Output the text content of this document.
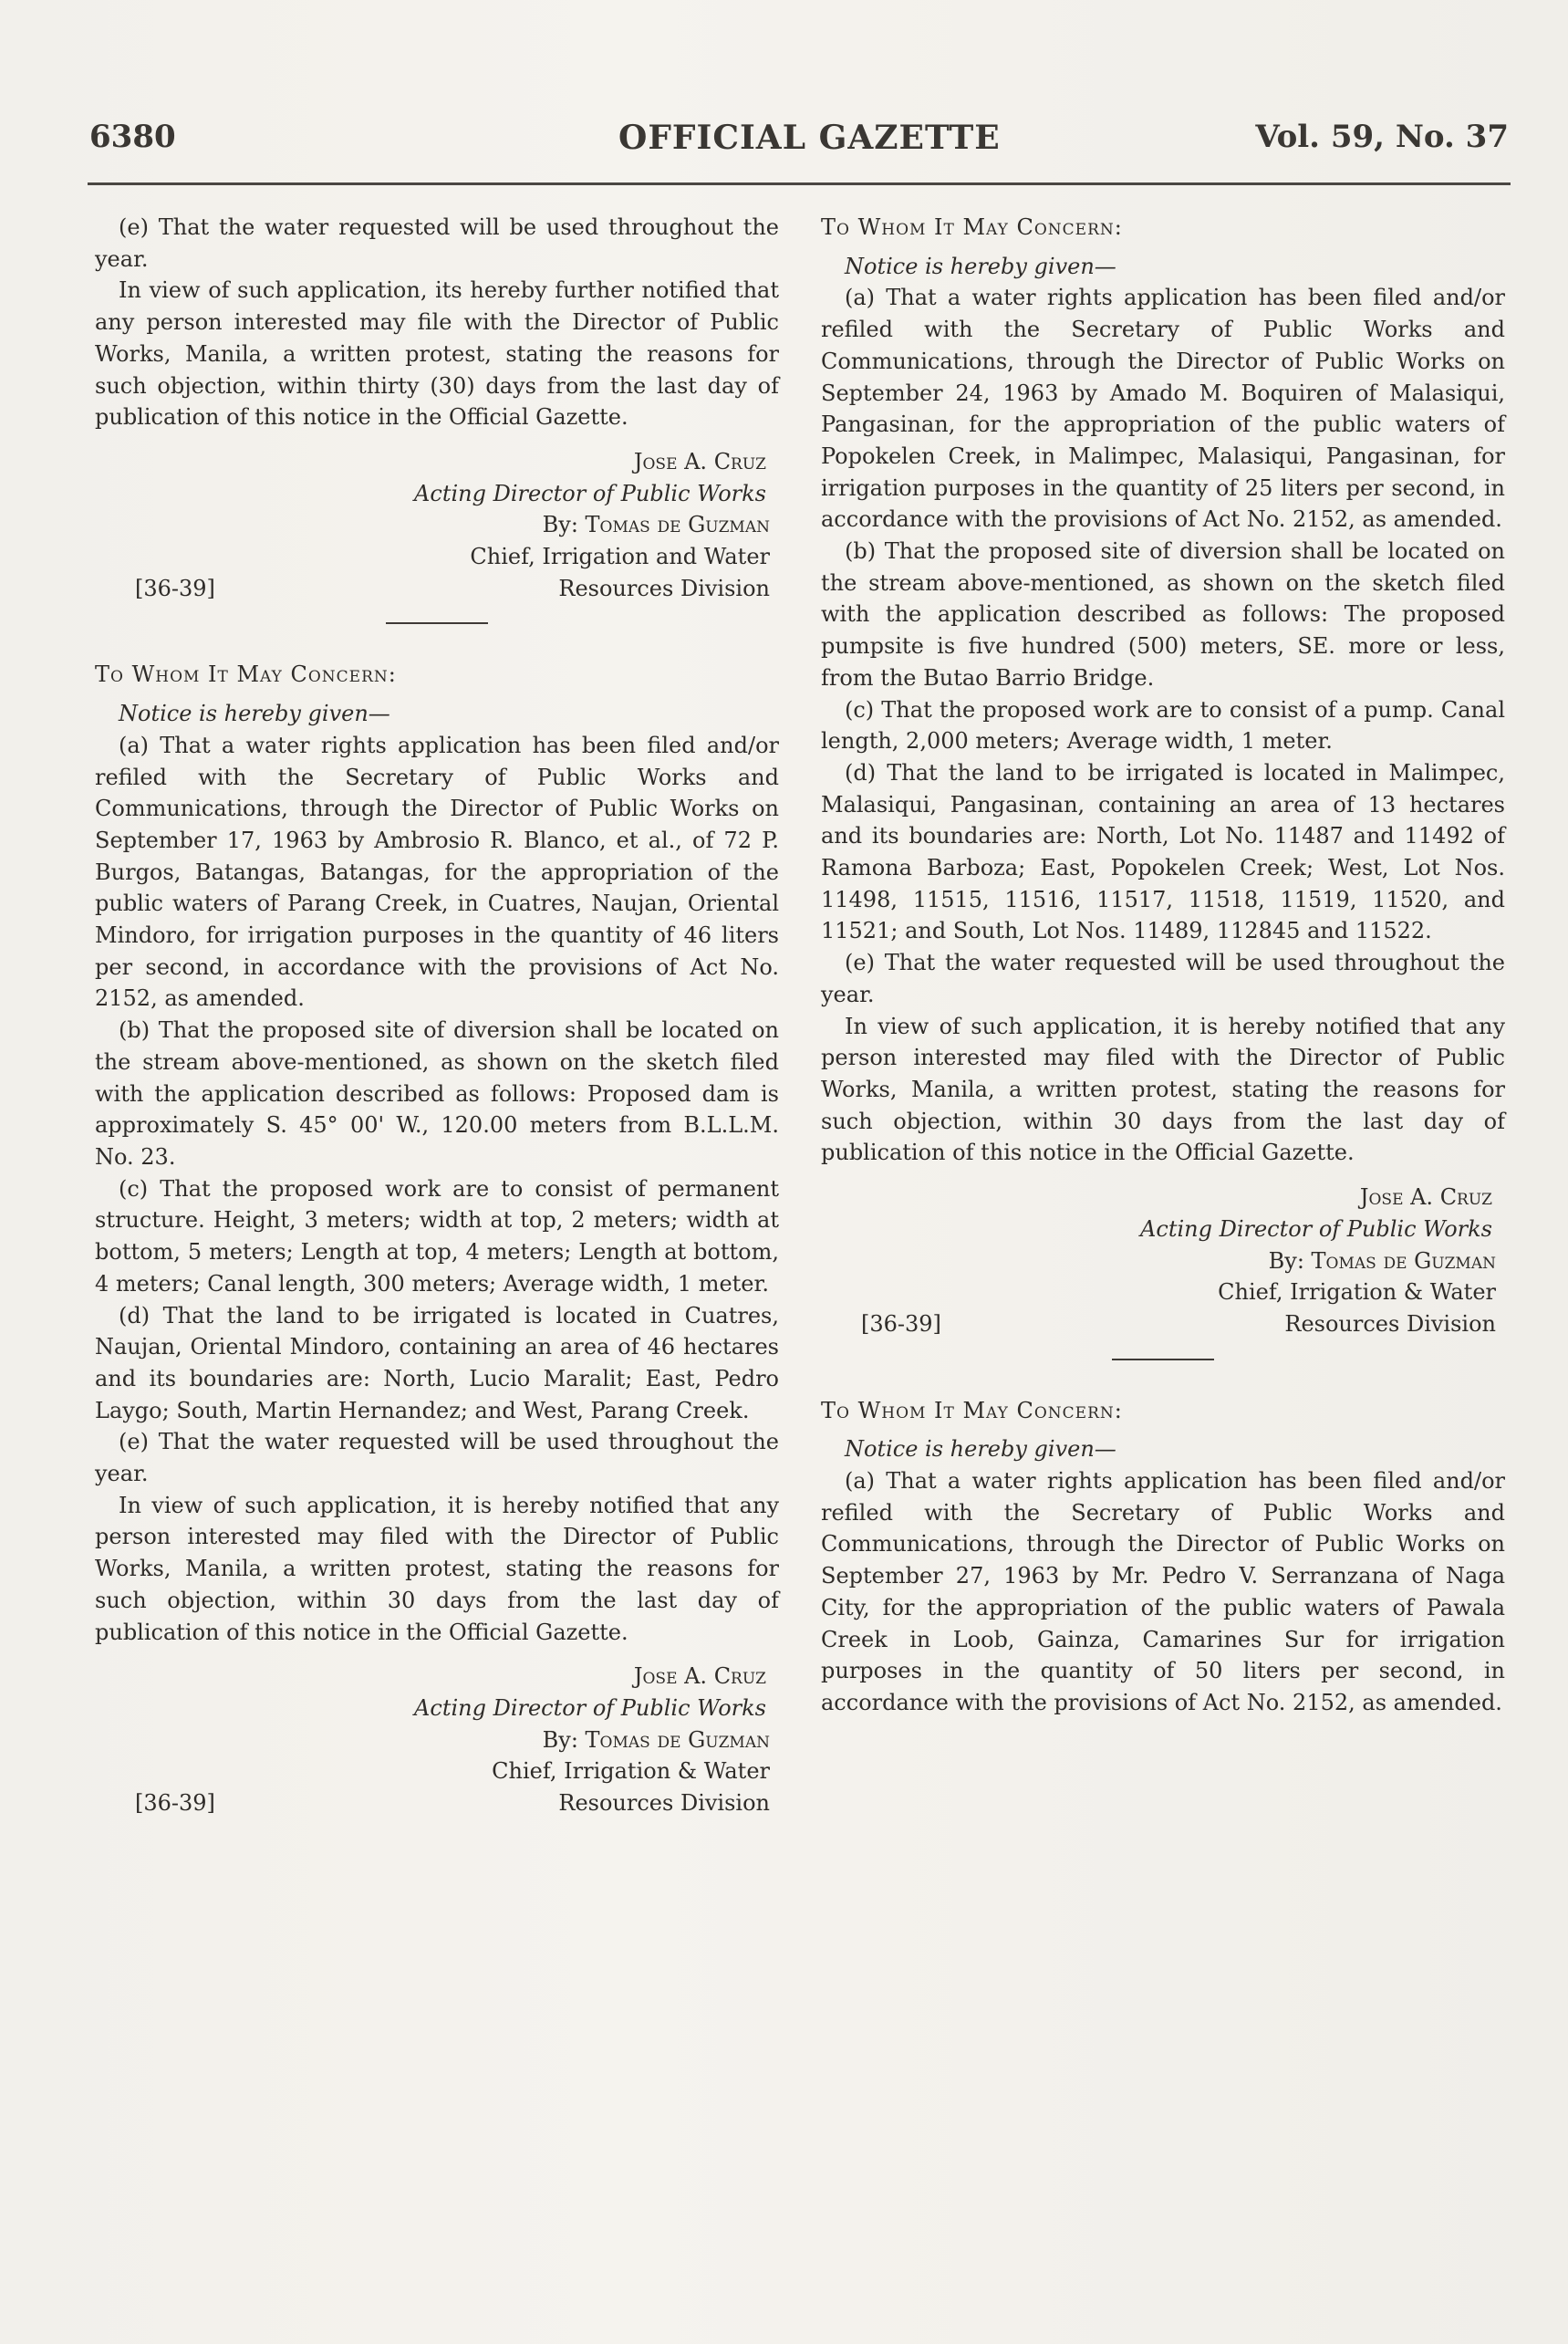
6380	OFFICIAL GAZETTE	Vol. 59, No. 37

(e) That the water requested will be used throughout the year.

In view of such application, its hereby further notified that any person interested may file with the Director of Public Works, Manila, a written protest, stating the reasons for such objection, within thirty (30) days from the last day of publication of this notice in the Official Gazette.

Jose A. Cruz
Acting Director of Public Works
[36-39]
By: Tomas de Guzman
Chief, Irrigation and Water
Resources Division

To Whom It May Concern:

Notice is hereby given—

(a) That a water rights application has been filed and/or refiled with the Secretary of Public Works and Communications, through the Director of Public Works on September 17, 1963 by Ambrosio R. Blanco, et al., of 72 P. Burgos, Batangas, Batangas, for the appropriation of the public waters of Parang Creek, in Cuatres, Naujan, Oriental Mindoro, for irrigation purposes in the quantity of 46 liters per second, in accordance with the provisions of Act No. 2152, as amended.

(b) That the proposed site of diversion shall be located on the stream above-mentioned, as shown on the sketch filed with the application described as follows: Proposed dam is approximately S. 45° 00' W., 120.00 meters from B.L.L.M. No. 23.

(c) That the proposed work are to consist of permanent structure. Height, 3 meters; width at top, 2 meters; width at bottom, 5 meters; Length at top, 4 meters; Length at bottom, 4 meters; Canal length, 300 meters; Average width, 1 meter.

(d) That the land to be irrigated is located in Cuatres, Naujan, Oriental Mindoro, containing an area of 46 hectares and its boundaries are: North, Lucio Maralit; East, Pedro Laygo; South, Martin Hernandez; and West, Parang Creek.

(e) That the water requested will be used throughout the year.

In view of such application, it is hereby notified that any person interested may filed with the Director of Public Works, Manila, a written protest, stating the reasons for such objection, within 30 days from the last day of publication of this notice in the Official Gazette.

Jose A. Cruz
Acting Director of Public Works
[36-39]
By: Tomas de Guzman
Chief, Irrigation & Water
Resources Division

To Whom It May Concern:

Notice is hereby given—

(a) That a water rights application has been filed and/or refiled with the Secretary of Public Works and Communications, through the Director of Public Works on September 24, 1963 by Amado M. Boquiren of Malasiqui, Pangasinan, for the appropriation of the public waters of Popokelen Creek, in Malimpec, Malasiqui, Pangasinan, for irrigation purposes in the quantity of 25 liters per second, in accordance with the provisions of Act No. 2152, as amended.

(b) That the proposed site of diversion shall be located on the stream above-mentioned, as shown on the sketch filed with the application described as follows: The proposed pumpsite is five hundred (500) meters, SE. more or less, from the Butao Barrio Bridge.

(c) That the proposed work are to consist of a pump. Canal length, 2,000 meters; Average width, 1 meter.

(d) That the land to be irrigated is located in Malimpec, Malasiqui, Pangasinan, containing an area of 13 hectares and its boundaries are: North, Lot No. 11487 and 11492 of Ramona Barboza; East, Popokelen Creek; West, Lot Nos. 11498, 11515, 11516, 11517, 11518, 11519, 11520, and 11521; and South, Lot Nos. 11489, 112845 and 11522.

(e) That the water requested will be used throughout the year.

In view of such application, it is hereby notified that any person interested may filed with the Director of Public Works, Manila, a written protest, stating the reasons for such objection, within 30 days from the last day of publication of this notice in the Official Gazette.

Jose A. Cruz
Acting Director of Public Works
[36-39]
By: Tomas de Guzman
Chief, Irrigation & Water
Resources Division

To Whom It May Concern:

Notice is hereby given—

(a) That a water rights application has been filed and/or refiled with the Secretary of Public Works and Communications, through the Director of Public Works on September 27, 1963 by Mr. Pedro V. Serranzana of Naga City, for the appropriation of the public waters of Pawala Creek in Loob, Gainza, Camarines Sur for irrigation purposes in the quantity of 50 liters per second, in accordance with the provisions of Act No. 2152, as amended.
